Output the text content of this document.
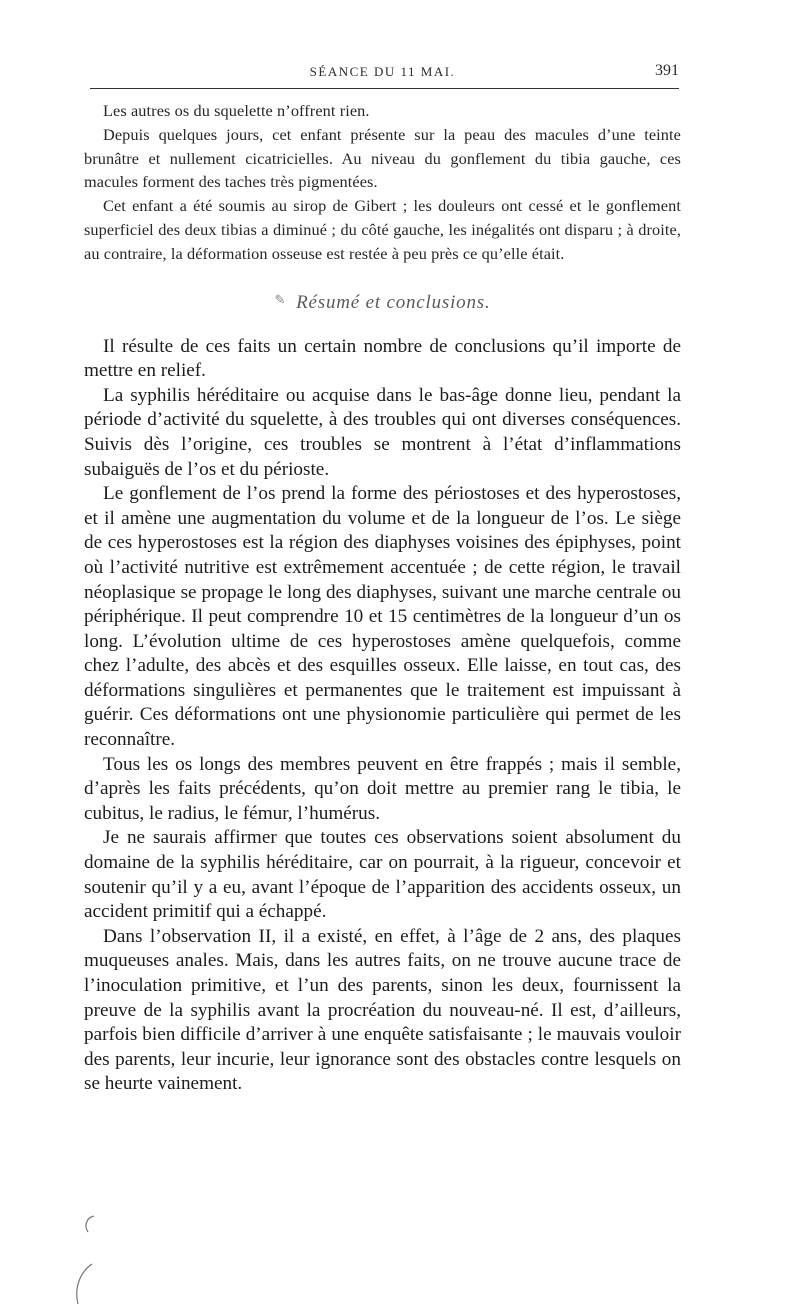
SÉANCE DU 11 MAI.	391

Les autres os du squelette n’offrent rien.

Depuis quelques jours, cet enfant présente sur la peau des macules d’une teinte brunâtre et nullement cicatricielles. Au niveau du gonflement du tibia gauche, ces macules forment des taches très pigmentées.

Cet enfant a été soumis au sirop de Gibert ; les douleurs ont cessé et le gonflement superficiel des deux tibias a diminué ; du côté gauche, les inégalités ont disparu ; à droite, au contraire, la déformation osseuse est restée à peu près ce qu’elle était.

✎ Résumé et conclusions.

Il résulte de ces faits un certain nombre de conclusions qu’il importe de mettre en relief.

La syphilis héréditaire ou acquise dans le bas-âge donne lieu, pendant la période d’activité du squelette, à des troubles qui ont diverses conséquences. Suivis dès l’origine, ces troubles se montrent à l’état d’inflammations subaiguës de l’os et du périoste.

Le gonflement de l’os prend la forme des périostoses et des hyperostoses, et il amène une augmentation du volume et de la longueur de l’os. Le siège de ces hyperostoses est la région des diaphyses voisines des épiphyses, point où l’activité nutritive est extrêmement accentuée ; de cette région, le travail néoplasique se propage le long des diaphyses, suivant une marche centrale ou périphérique. Il peut comprendre 10 et 15 centimètres de la longueur d’un os long. L’évolution ultime de ces hyperostoses amène quelquefois, comme chez l’adulte, des abcès et des esquilles osseux. Elle laisse, en tout cas, des déformations singulières et permanentes que le traitement est impuissant à guérir. Ces déformations ont une physionomie particulière qui permet de les reconnaître.

Tous les os longs des membres peuvent en être frappés ; mais il semble, d’après les faits précédents, qu’on doit mettre au premier rang le tibia, le cubitus, le radius, le fémur, l’humérus.

Je ne saurais affirmer que toutes ces observations soient absolument du domaine de la syphilis héréditaire, car on pourrait, à la rigueur, concevoir et soutenir qu’il y a eu, avant l’époque de l’apparition des accidents osseux, un accident primitif qui a échappé.

Dans l’observation II, il a existé, en effet, à l’âge de 2 ans, des plaques muqueuses anales. Mais, dans les autres faits, on ne trouve aucune trace de l’inoculation primitive, et l’un des parents, sinon les deux, fournissent la preuve de la syphilis avant la procréation du nouveau-né. Il est, d’ailleurs, parfois bien difficile d’arriver à une enquête satisfaisante ; le mauvais vouloir des parents, leur incurie, leur ignorance sont des obstacles contre lesquels on se heurte vainement.
